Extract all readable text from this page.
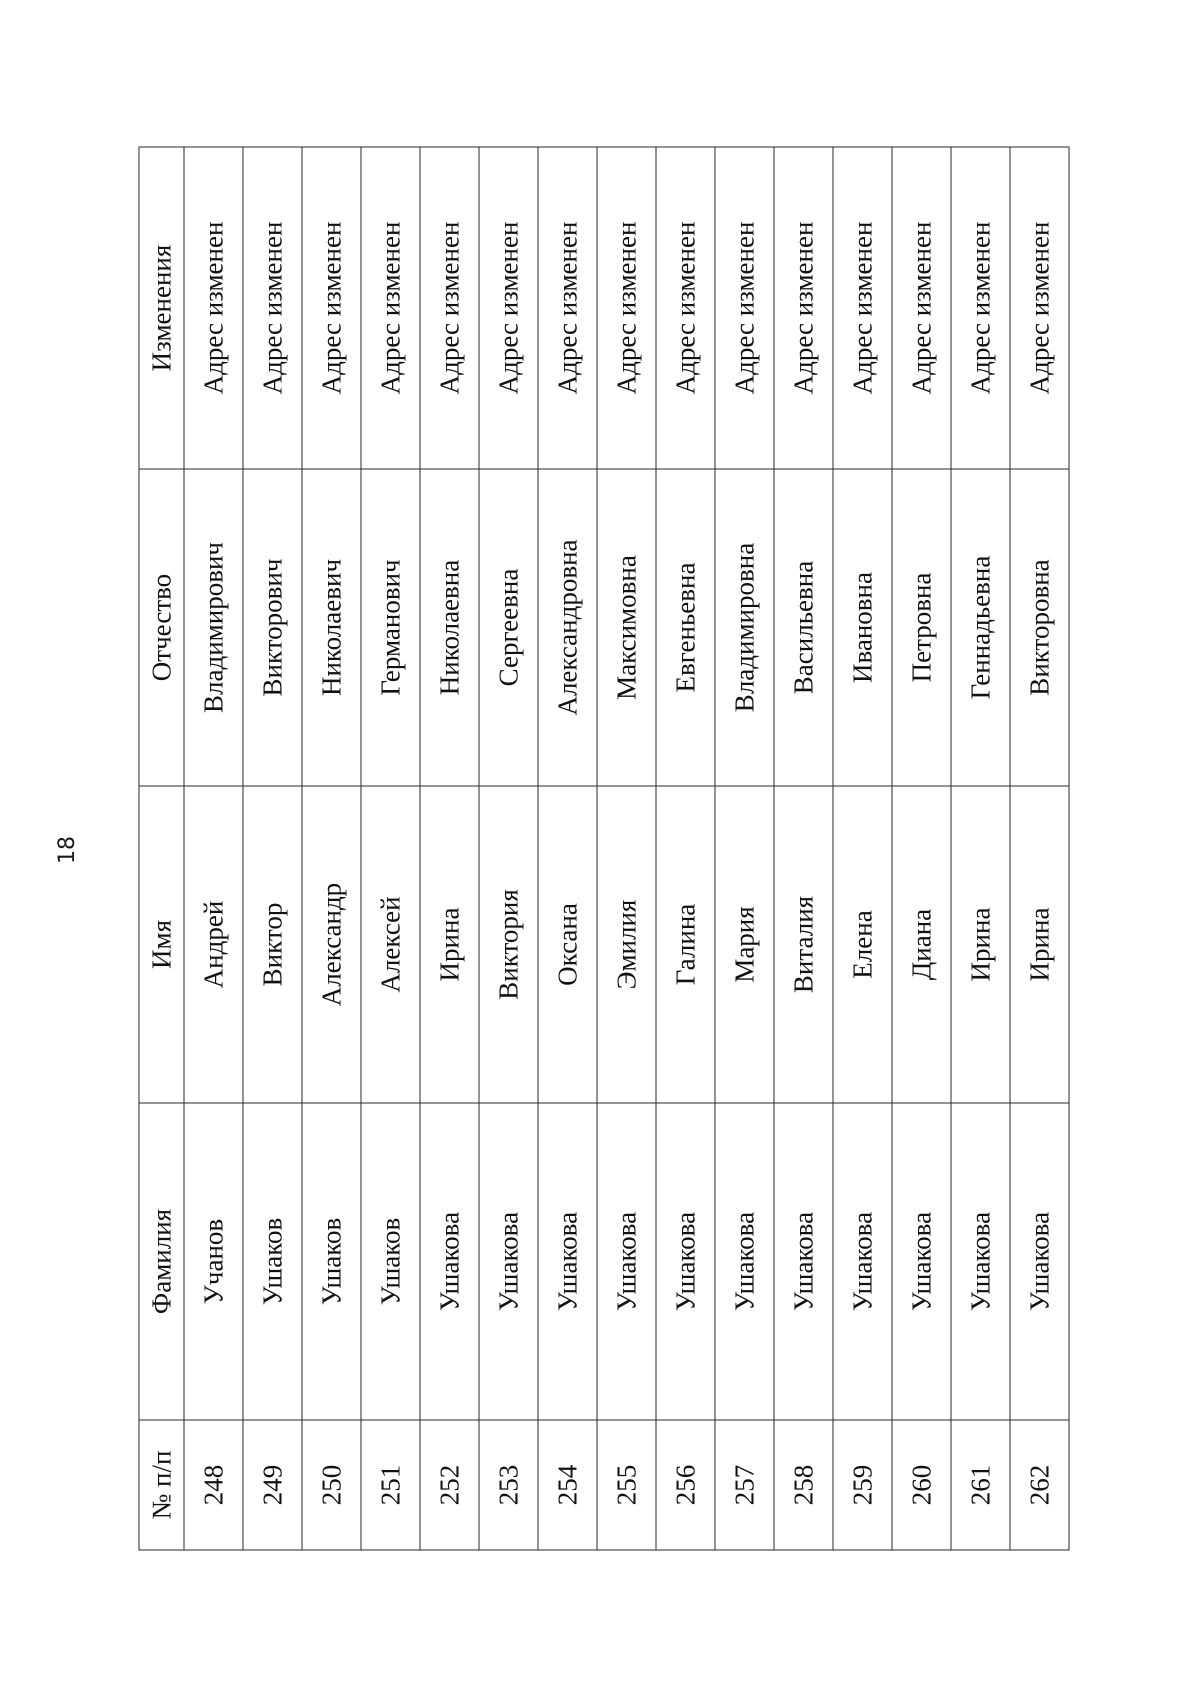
18
№ п/п	Фамилия	Имя	Отчество	Изменения
248	Учанов	Андрей	Владимирович	Адрес изменен
249	Ушаков	Виктор	Викторович	Адрес изменен
250	Ушаков	Александр	Николаевич	Адрес изменен
251	Ушаков	Алексей	Германович	Адрес изменен
252	Ушакова	Ирина	Николаевна	Адрес изменен
253	Ушакова	Виктория	Сергеевна	Адрес изменен
254	Ушакова	Оксана	Александровна	Адрес изменен
255	Ушакова	Эмилия	Максимовна	Адрес изменен
256	Ушакова	Галина	Евгеньевна	Адрес изменен
257	Ушакова	Мария	Владимировна	Адрес изменен
258	Ушакова	Виталия	Васильевна	Адрес изменен
259	Ушакова	Елена	Ивановна	Адрес изменен
260	Ушакова	Диана	Петровна	Адрес изменен
261	Ушакова	Ирина	Геннадьевна	Адрес изменен
262	Ушакова	Ирина	Викторовна	Адрес изменен
